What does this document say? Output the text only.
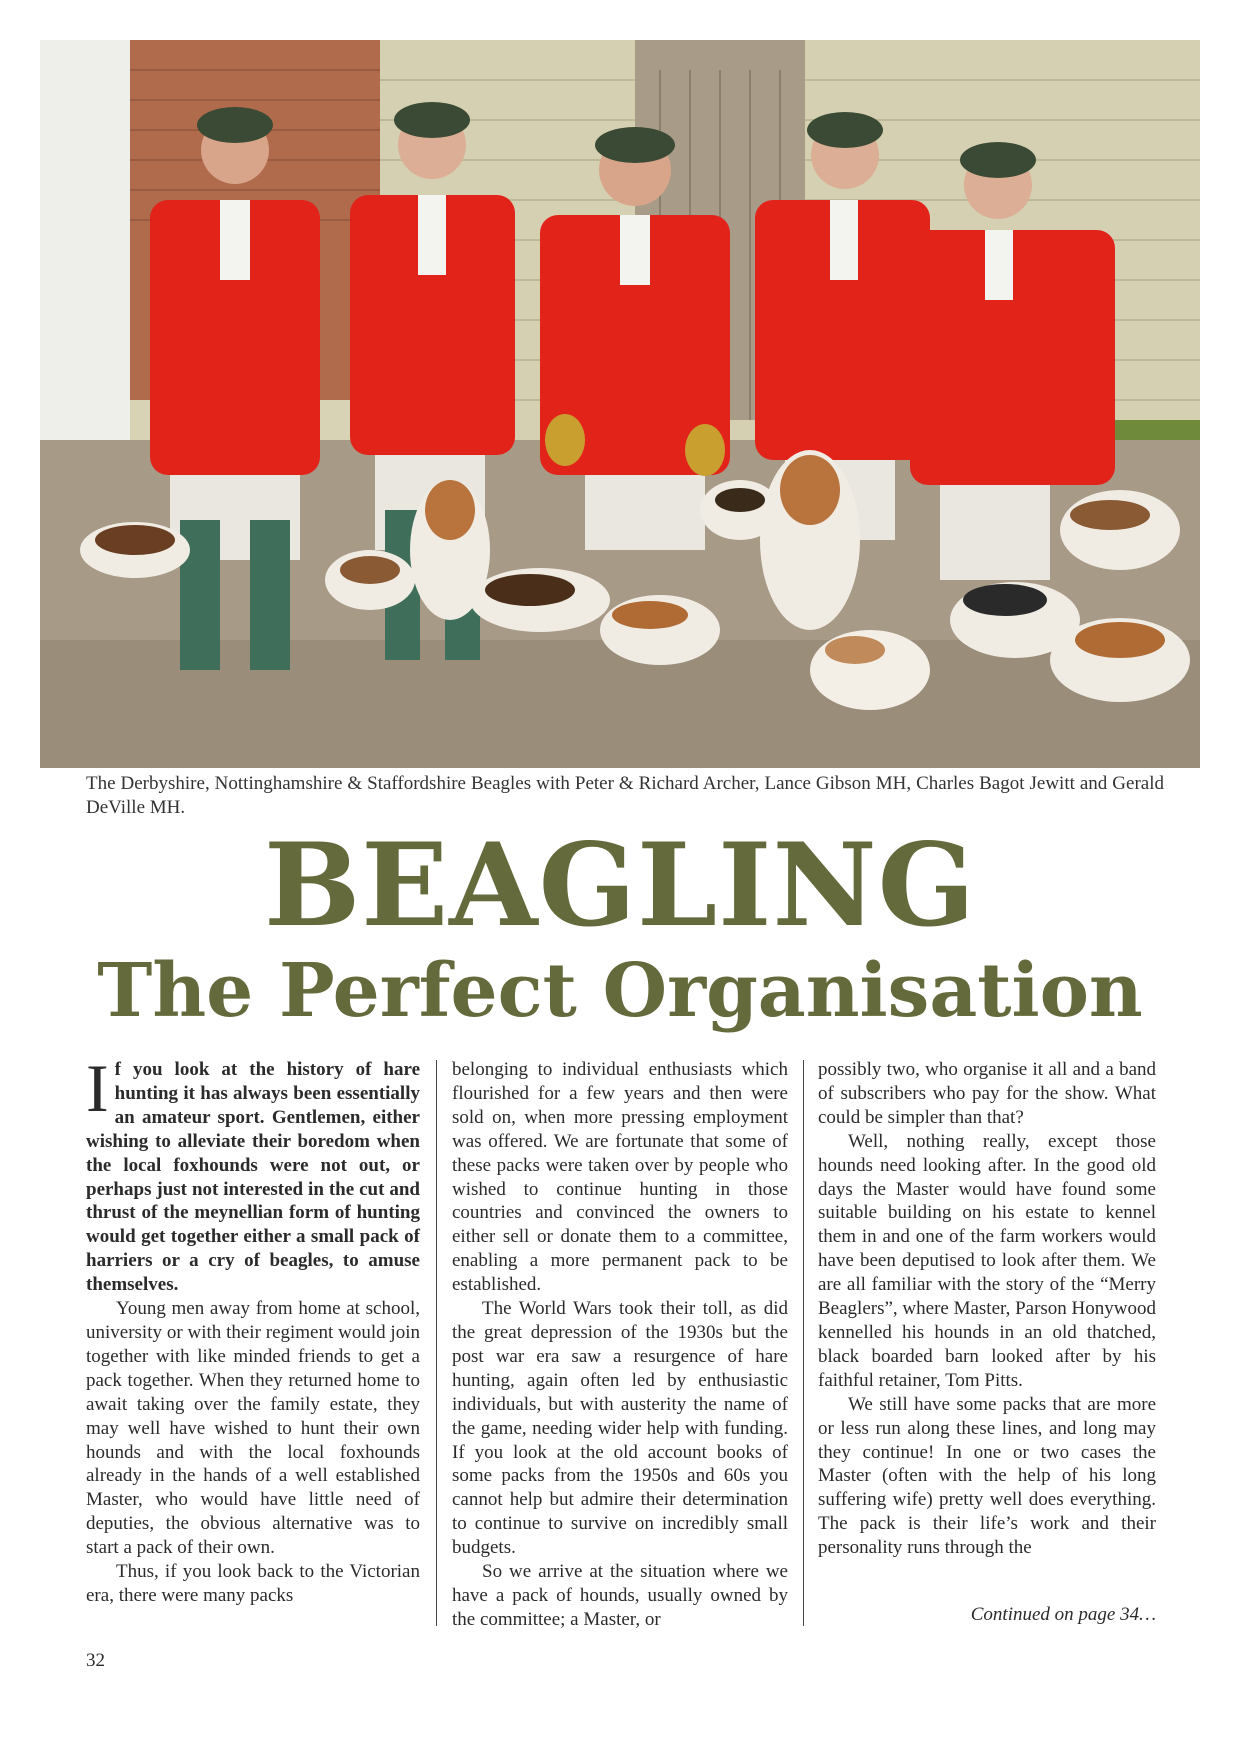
The Derbyshire, Nottinghamshire & Staffordshire Beagles with Peter & Richard Archer, Lance Gibson MH, Charles Bagot Jewitt and Gerald DeVille MH.
BEAGLING
The Perfect Organisation

If you look at the history of hare hunting it has always been essentially an amateur sport. Gentlemen, either wishing to alleviate their boredom when the local foxhounds were not out, or perhaps just not interested in the cut and thrust of the meynellian form of hunting would get together either a small pack of harriers or a cry of beagles, to amuse themselves.

Young men away from home at school, university or with their regiment would join together with like minded friends to get a pack together. When they returned home to await taking over the family estate, they may well have wished to hunt their own hounds and with the local foxhounds already in the hands of a well established Master, who would have little need of deputies, the obvious alternative was to start a pack of their own.

Thus, if you look back to the Victorian era, there were many packs

belonging to individual enthusiasts which flourished for a few years and then were sold on, when more pressing employment was offered. We are fortunate that some of these packs were taken over by people who wished to continue hunting in those countries and convinced the owners to either sell or donate them to a committee, enabling a more permanent pack to be established.

The World Wars took their toll, as did the great depression of the 1930s but the post war era saw a resurgence of hare hunting, again often led by enthusiastic individuals, but with austerity the name of the game, needing wider help with funding. If you look at the old account books of some packs from the 1950s and 60s you cannot help but admire their determination to continue to survive on incredibly small budgets.

So we arrive at the situation where we have a pack of hounds, usually owned by the committee; a Master, or

possibly two, who organise it all and a band of subscribers who pay for the show. What could be simpler than that?

Well, nothing really, except those hounds need looking after. In the good old days the Master would have found some suitable building on his estate to kennel them in and one of the farm workers would have been deputised to look after them. We are all familiar with the story of the “Merry Beaglers”, where Master, Parson Honywood kennelled his hounds in an old thatched, black boarded barn looked after by his faithful retainer, Tom Pitts.

We still have some packs that are more or less run along these lines, and long may they continue! In one or two cases the Master (often with the help of his long suffering wife) pretty well does everything. The pack is their life’s work and their personality runs through the

Continued on page 34…
32
